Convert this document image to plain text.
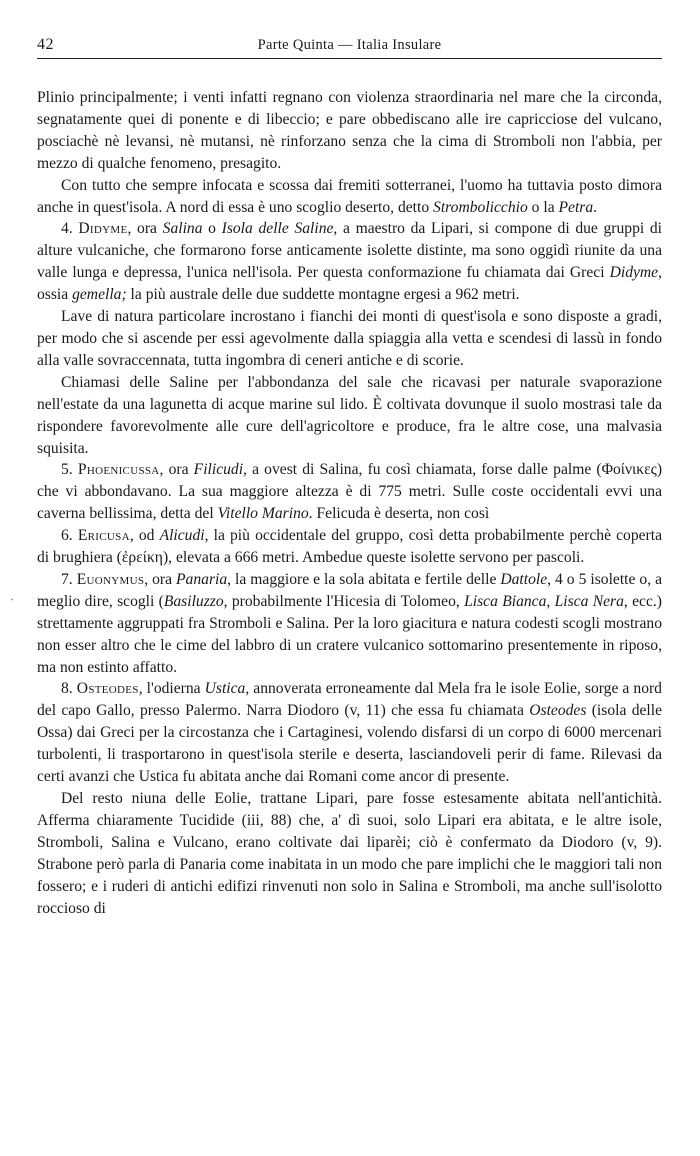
42	Parte Quinta — Italia Insulare
`

Plinio principalmente; i venti infatti regnano con violenza straordinaria nel mare che la circonda, segnatamente quei di ponente e di libeccio; e pare obbediscano alle ire capricciose del vulcano, posciachè nè levansi, nè mutansi, nè rinforzano senza che la cima di Stromboli non l'abbia, per mezzo di qualche fenomeno, presagito.

Con tutto che sempre infocata e scossa dai fremiti sotterranei, l'uomo ha tuttavia posto dimora anche in quest'isola. A nord di essa è uno scoglio deserto, detto Strombolicchio o la Petra.

4. Didyme, ora Salina o Isola delle Saline, a maestro da Lipari, si compone di due gruppi di alture vulcaniche, che formarono forse anticamente isolette distinte, ma sono oggidì riunite da una valle lunga e depressa, l'unica nell'isola. Per questa conformazione fu chiamata dai Greci Didyme, ossia gemella; la più australe delle due suddette montagne ergesi a 962 metri.

Lave di natura particolare incrostano i fianchi dei monti di quest'isola e sono disposte a gradi, per modo che si ascende per essi agevolmente dalla spiaggia alla vetta e scendesi di lassù in fondo alla valle sovraccennata, tutta ingombra di ceneri antiche e di scorie.

Chiamasi delle Saline per l'abbondanza del sale che ricavasi per naturale svaporazione nell'estate da una lagunetta di acque marine sul lido. È coltivata dovunque il suolo mostrasi tale da rispondere favorevolmente alle cure dell'agricoltore e produce, fra le altre cose, una malvasia squisita.

5. Phoenicussa, ora Filicudi, a ovest di Salina, fu così chiamata, forse dalle palme (Φοίνικες) che vi abbondavano. La sua maggiore altezza è di 775 metri. Sulle coste occidentali evvi una caverna bellissima, detta del Vitello Marino. Felicuda è deserta, non così

6. Ericusa, od Alicudi, la più occidentale del gruppo, così detta probabilmente perchè coperta di brughiera (ἐρείκη), elevata a 666 metri. Ambedue queste isolette servono per pascoli.

7. Euonymus, ora Panaria, la maggiore e la sola abitata e fertile delle Dattole, 4 o 5 isolette o, a meglio dire, scogli (Basiluzzo, probabilmente l'Hicesia di Tolomeo, Lisca Bianca, Lisca Nera, ecc.) strettamente aggruppati fra Stromboli e Salina. Per la loro giacitura e natura codesti scogli mostrano non esser altro che le cime del labbro di un cratere vulcanico sottomarino presentemente in riposo, ma non estinto affatto.

8. Osteodes, l'odierna Ustica, annoverata erroneamente dal Mela fra le isole Eolie, sorge a nord del capo Gallo, presso Palermo. Narra Diodoro (v, 11) che essa fu chiamata Osteodes (isola delle Ossa) dai Greci per la circostanza che i Cartaginesi, volendo disfarsi di un corpo di 6000 mercenari turbolenti, li trasportarono in quest'isola sterile e deserta, lasciandoveli perir di fame. Rilevasi da certi avanzi che Ustica fu abitata anche dai Romani come ancor di presente.

Del resto niuna delle Eolie, trattane Lipari, pare fosse estesamente abitata nell'antichità. Afferma chiaramente Tucidide (iii, 88) che, a' dì suoi, solo Lipari era abitata, e le altre isole, Stromboli, Salina e Vulcano, erano coltivate dai liparèi; ciò è confermato da Diodoro (v, 9). Strabone però parla di Panaria come inabitata in un modo che pare implichi che le maggiori tali non fossero; e i ruderi di antichi edifizi rinvenuti non solo in Salina e Stromboli, ma anche sull'isolotto roccioso di
